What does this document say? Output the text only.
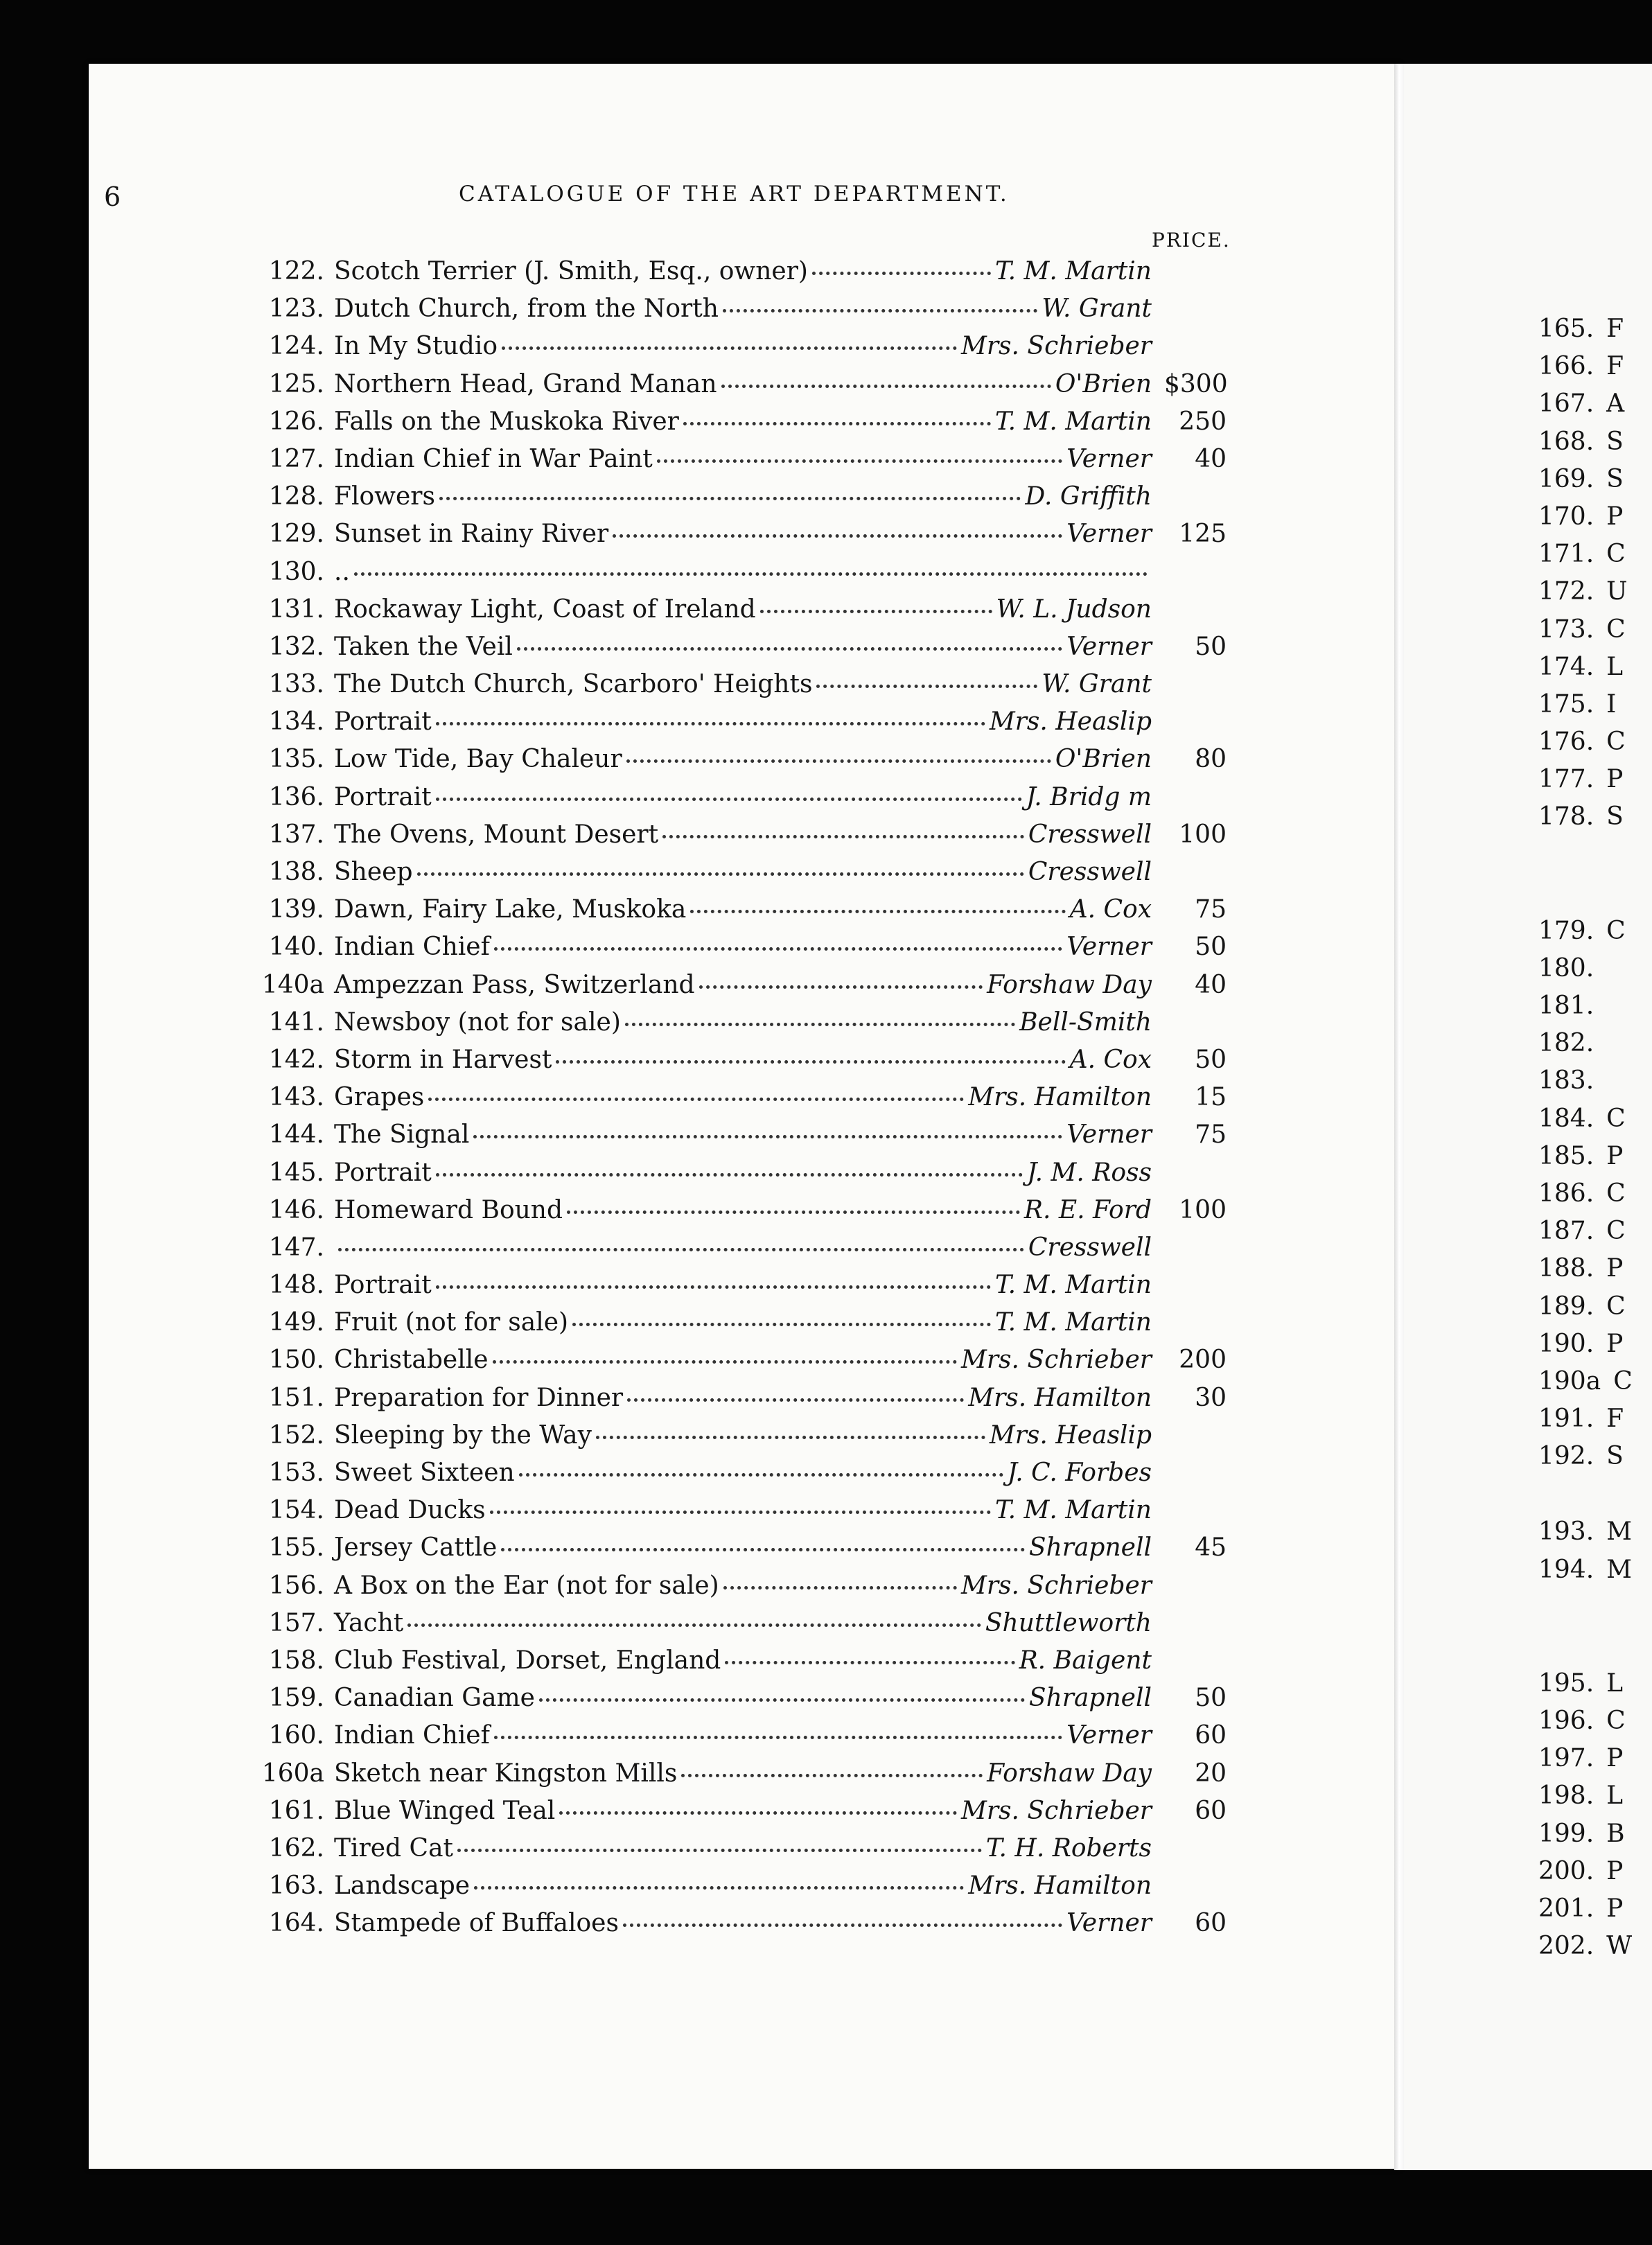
6	CATALOGUE OF THE ART DEPARTMENT.
PRICE.
122. Scotch Terrier (J. Smith, Esq., owner)	T. M. Martin
123. Dutch Church, from the North	W. Grant
124. In My Studio	Mrs. Schrieber
125. Northern Head, Grand Manan	O'Brien $300
126. Falls on the Muskoka River	T. M. Martin	250
127. Indian Chief in War Paint	Verner	40
128. Flowers	D. Griffith
129. Sunset in Rainy River	Verner	125
130. ..
131. Rockaway Light, Coast of Ireland	W. L. Judson
132. Taken the Veil	Verner	50
133. The Dutch Church, Scarboro' Heights	W. Grant
134. Portrait	Mrs. Heaslip
135. Low Tide, Bay Chaleur	O'Brien	80
136. Portrait	J. Bridg m
137. The Ovens, Mount Desert	Cresswell	100
138. Sheep	Cresswell
139. Dawn, Fairy Lake, Muskoka	A. Cox	75
140. Indian Chief	Verner	50
140a Ampezzan Pass, Switzerland	Forshaw Day	40
141. Newsboy (not for sale)	Bell-Smith
142. Storm in Harvest	A. Cox	50
143. Grapes	Mrs. Hamilton	15
144. The Signal	Verner	75
145. Portrait	J. M. Ross
146. Homeward Bound	R. E. Ford	100
147.	Cresswell
148. Portrait	T. M. Martin
149. Fruit (not for sale)	T. M. Martin
150. Christabelle	Mrs. Schrieber	200
151. Preparation for Dinner	Mrs. Hamilton	30
152. Sleeping by the Way	Mrs. Heaslip
153. Sweet Sixteen	J. C. Forbes
154. Dead Ducks	T. M. Martin
155. Jersey Cattle	Shrapnell	45
156. A Box on the Ear (not for sale)	Mrs. Schrieber
157. Yacht	Shuttleworth
158. Club Festival, Dorset, England	R. Baigent
159. Canadian Game	Shrapnell	50
160. Indian Chief	Verner	60
160a Sketch near Kingston Mills	Forshaw Day	20
161. Blue Winged Teal	Mrs. Schrieber	60
162. Tired Cat	T. H. Roberts
163. Landscape	Mrs. Hamilton
164. Stampede of Buffaloes	Verner	60
165. F
166. F
167. A
168. S
169. S
170. P
171. C
172. U
173. C
174. L
175. I
176. C
177. P
178. S
179. C
180.
181.
182.
183.
184. C
185. P
186. C
187. C
188. P
189. C
190. P
190a C
191. F
192. S
193. M
194. M
195. L
196. C
197. P
198. L
199. B
200. P
201. P
202. W
